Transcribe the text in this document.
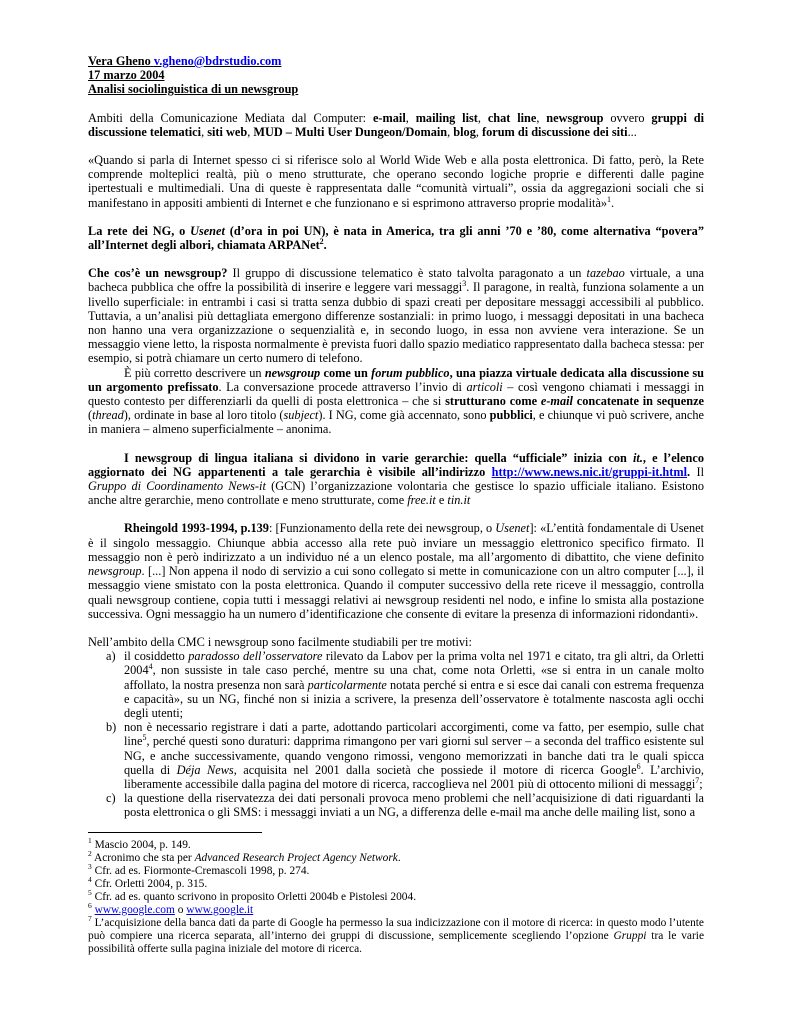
Vera Gheno v.gheno@bdrstudio.com

17 marzo 2004

Analisi sociolinguistica di un newsgroup

Ambiti della Comunicazione Mediata dal Computer: e-mail, mailing list, chat line, newsgroup ovvero gruppi di discussione telematici, siti web, MUD – Multi User Dungeon/Domain, blog, forum di discussione dei siti...

«Quando si parla di Internet spesso ci si riferisce solo al World Wide Web e alla posta elettronica. Di fatto, però, la Rete comprende molteplici realtà, più o meno strutturate, che operano secondo logiche proprie e differenti dalle pagine ipertestuali e multimediali. Una di queste è rappresentata dalle “comunità virtuali”, ossia da aggregazioni sociali che si manifestano in appositi ambienti di Internet e che funzionano e si esprimono attraverso proprie modalità»$^1$.

La rete dei NG, o Usenet (d’ora in poi UN), è nata in America, tra gli anni ’70 e ’80, come alternativa “povera” all’Internet degli albori, chiamata ARPANet$^2$.

Che cos’è un newsgroup? Il gruppo di discussione telematico è stato talvolta paragonato a un tazebao virtuale, a una bacheca pubblica che offre la possibilità di inserire e leggere vari messaggi$^3$. Il paragone, in realtà, funziona solamente a un livello superficiale: in entrambi i casi si tratta senza dubbio di spazi creati per depositare messaggi accessibili al pubblico. Tuttavia, a un’analisi più dettagliata emergono differenze sostanziali: in primo luogo, i messaggi depositati in una bacheca non hanno una vera organizzazione o sequenzialità e, in secondo luogo, in essa non avviene vera interazione. Se un messaggio viene letto, la risposta normalmente è prevista fuori dallo spazio mediatico rappresentato dalla bacheca stessa: per esempio, si potrà chiamare un certo numero di telefono.

È più corretto descrivere un newsgroup come un forum pubblico, una piazza virtuale dedicata alla discussione su un argomento prefissato. La conversazione procede attraverso l’invio di articoli – così vengono chiamati i messaggi in questo contesto per differenziarli da quelli di posta elettronica – che si strutturano come e-mail concatenate in sequenze (thread), ordinate in base al loro titolo (subject). I NG, come già accennato, sono pubblici, e chiunque vi può scrivere, anche in maniera – almeno superficialmente – anonima.

I newsgroup di lingua italiana si dividono in varie gerarchie: quella “ufficiale” inizia con it., e l’elenco aggiornato dei NG appartenenti a tale gerarchia è visibile all’indirizzo http://www.news.nic.it/gruppi-it.html. Il Gruppo di Coordinamento News-it (GCN) l’organizzazione volontaria che gestisce lo spazio ufficiale italiano. Esistono anche altre gerarchie, meno controllate e meno strutturate, come free.it e tin.it

Rheingold 1993-1994, p.139: [Funzionamento della rete dei newsgroup, o Usenet]: «L’entità fondamentale di Usenet è il singolo messaggio. Chiunque abbia accesso alla rete può inviare un messaggio elettronico specifico firmato. Il messaggio non è però indirizzato a un individuo né a un elenco postale, ma all’argomento di dibattito, che viene definito newsgroup. [...] Non appena il nodo di servizio a cui sono collegato si mette in comunicazione con un altro computer [...], il messaggio viene smistato con la posta elettronica. Quando il computer successivo della rete riceve il messaggio, controlla quali newsgroup contiene, copia tutti i messaggi relativi ai newsgroup residenti nel nodo, e infine lo smista alla postazione successiva. Ogni messaggio ha un numero d’identificazione che consente di evitare la presenza di informazioni ridondanti».

Nell’ambito della CMC i newsgroup sono facilmente studiabili per tre motivi:

a) il cosiddetto paradosso dell’osservatore rilevato da Labov per la prima volta nel 1971 e citato, tra gli altri, da Orletti 2004$^4$, non sussiste in tale caso perché, mentre su una chat, come nota Orletti, «se si entra in un canale molto affollato, la nostra presenza non sarà particolarmente notata perché si entra e si esce dai canali con estrema frequenza e capacità», su un NG, finché non si inizia a scrivere, la presenza dell’osservatore è totalmente nascosta agli occhi degli utenti;
b) non è necessario registrare i dati a parte, adottando particolari accorgimenti, come va fatto, per esempio, sulle chat line$^5$, perché questi sono duraturi: dapprima rimangono per vari giorni sul server – a seconda del traffico esistente sul NG, e anche successivamente, quando vengono rimossi, vengono memorizzati in banche dati tra le quali spicca quella di Déja News, acquisita nel 2001 dalla società che possiede il motore di ricerca Google$^6$. L’archivio, liberamente accessibile dalla pagina del motore di ricerca, raccoglieva nel 2001 più di ottocento milioni di messaggi$^7$;
c) la questione della riservatezza dei dati personali provoca meno problemi che nell’acquisizione di dati riguardanti la posta elettronica o gli SMS: i messaggi inviati a un NG, a differenza delle e-mail ma anche delle mailing list, sono a

$^1$ Mascio 2004, p. 149.

$^2$ Acronimo che sta per Advanced Research Project Agency Network.

$^3$ Cfr. ad es. Fiormonte-Cremascoli 1998, p. 274.

$^4$ Cfr. Orletti 2004, p. 315.

$^5$ Cfr. ad es. quanto scrivono in proposito Orletti 2004b e Pistolesi 2004.

$^6$ www.google.com o www.google.it

$^7$ L’acquisizione della banca dati da parte di Google ha permesso la sua indicizzazione con il motore di ricerca: in questo modo l’utente può compiere una ricerca separata, all’interno dei gruppi di discussione, semplicemente scegliendo l’opzione Gruppi tra le varie possibilità offerte sulla pagina iniziale del motore di ricerca.
